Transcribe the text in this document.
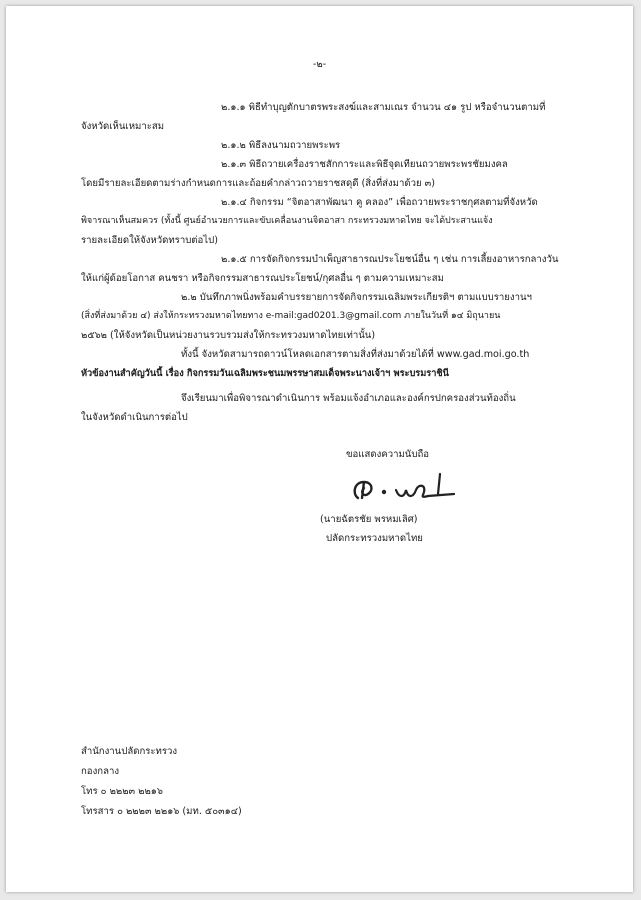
-๒-
๒.๑.๑ พิธีทำบุญตักบาตรพระสงฆ์และสามเณร จำนวน ๔๑ รูป หรือจำนวนตามที่
จังหวัดเห็นเหมาะสม
๒.๑.๒ พิธีลงนามถวายพระพร
๒.๑.๓ พิธีถวายเครื่องราชสักการะและพิธีจุดเทียนถวายพระพรชัยมงคล
โดยมีรายละเอียดตามร่างกำหนดการและถ้อยคำกล่าวถวายราชสดุดี (สิ่งที่ส่งมาด้วย ๓)
๒.๑.๔ กิจกรรม “จิตอาสาพัฒนา คู คลอง” เพื่อถวายพระราชกุศลตามที่จังหวัด
พิจารณาเห็นสมควร (ทั้งนี้ ศูนย์อำนวยการและขับเคลื่อนงานจิตอาสา กระทรวงมหาดไทย จะได้ประสานแจ้ง
รายละเอียดให้จังหวัดทราบต่อไป)
๒.๑.๕ การจัดกิจกรรมบำเพ็ญสาธารณประโยชน์อื่น ๆ เช่น การเลี้ยงอาหารกลางวัน
ให้แก่ผู้ด้อยโอกาส คนชรา หรือกิจกรรมสาธารณประโยชน์/กุศลอื่น ๆ ตามความเหมาะสม
๒.๒ บันทึกภาพนิ่งพร้อมคำบรรยายการจัดกิจกรรมเฉลิมพระเกียรติฯ ตามแบบรายงานฯ
(สิ่งที่ส่งมาด้วย ๔) ส่งให้กระทรวงมหาดไทยทาง e-mail:gad0201.3@gmail.com ภายในวันที่ ๑๔ มิถุนายน
๒๕๖๒ (ให้จังหวัดเป็นหน่วยงานรวบรวมส่งให้กระทรวงมหาดไทยเท่านั้น)
ทั้งนี้ จังหวัดสามารถดาวน์โหลดเอกสารตามสิ่งที่ส่งมาด้วยได้ที่ www.gad.moi.go.th
หัวข้องานสำคัญวันนี้ เรื่อง กิจกรรมวันเฉลิมพระชนมพรรษาสมเด็จพระนางเจ้าฯ พระบรมราชินี
จึงเรียนมาเพื่อพิจารณาดำเนินการ พร้อมแจ้งอำเภอและองค์กรปกครองส่วนท้องถิ่น
ในจังหวัดดำเนินการต่อไป
ขอแสดงความนับถือ
(นายฉัตรชัย พรหมเลิศ)
ปลัดกระทรวงมหาดไทย
สำนักงานปลัดกระทรวง
กองกลาง
โทร ๐ ๒๒๒๓ ๒๒๑๖
โทรสาร ๐ ๒๒๒๓ ๒๒๑๖ (มท. ๕๐๓๑๔)
